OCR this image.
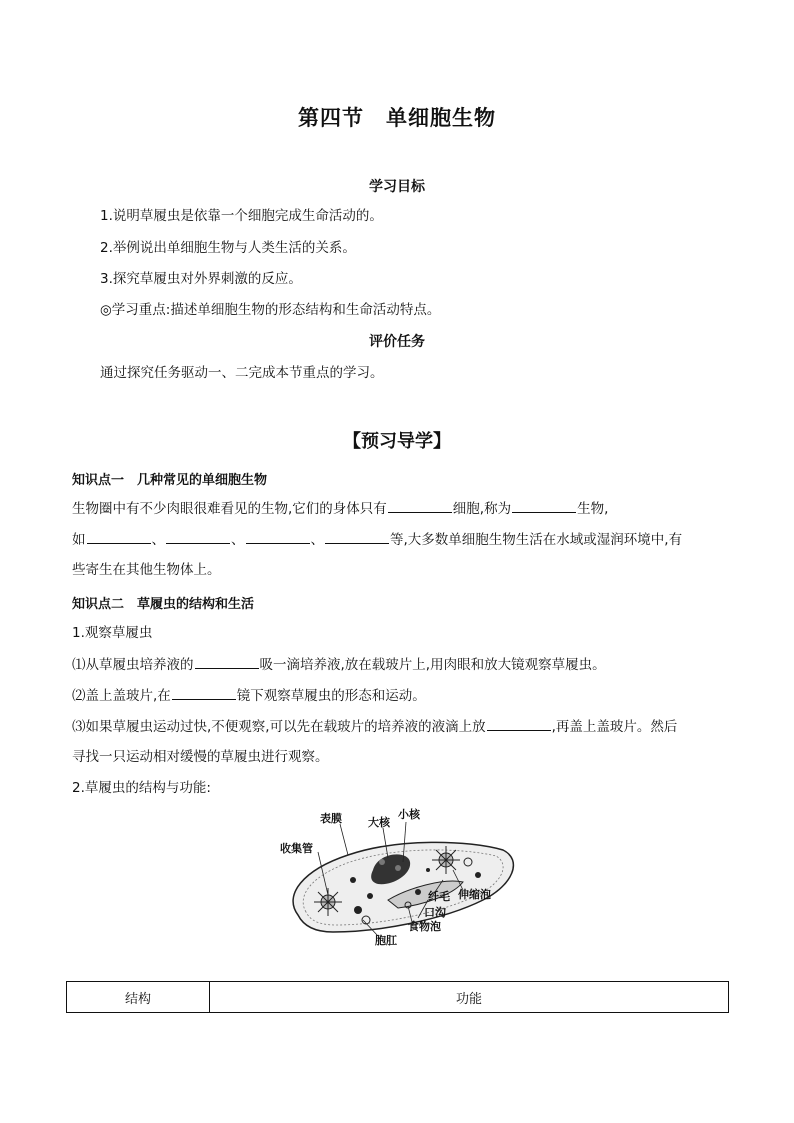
第四节　单细胞生物
学习目标
1.说明草履虫是依靠一个细胞完成生命活动的。
2.举例说出单细胞生物与人类生活的关系。
3.探究草履虫对外界刺激的反应。
◎学习重点:描述单细胞生物的形态结构和生命活动特点。
评价任务
通过探究任务驱动一、二完成本节重点的学习。
【预习导学】
知识点一　几种常见的单细胞生物
生物圈中有不少肉眼很难看见的生物,它们的身体只有	细胞,称为	生物,
如	、	、	、	等,大多数单细胞生物生活在水域或湿润环境中,有
些寄生在其他生物体上。
知识点二　草履虫的结构和生活
1.观察草履虫
⑴从草履虫培养液的	吸一滴培养液,放在载玻片上,用肉眼和放大镜观察草履虫。
⑵盖上盖玻片,在	镜下观察草履虫的形态和运动。
⑶如果草履虫运动过快,不便观察,可以先在载玻片的培养液的液滴上放	,再盖上盖玻片。然后
寻找一只运动相对缓慢的草履虫进行观察。
2.草履虫的结构与功能:
表膜 大核
小核
收集管
纤毛 伸缩泡
口沟
食物泡
胞肛
结构	功能
